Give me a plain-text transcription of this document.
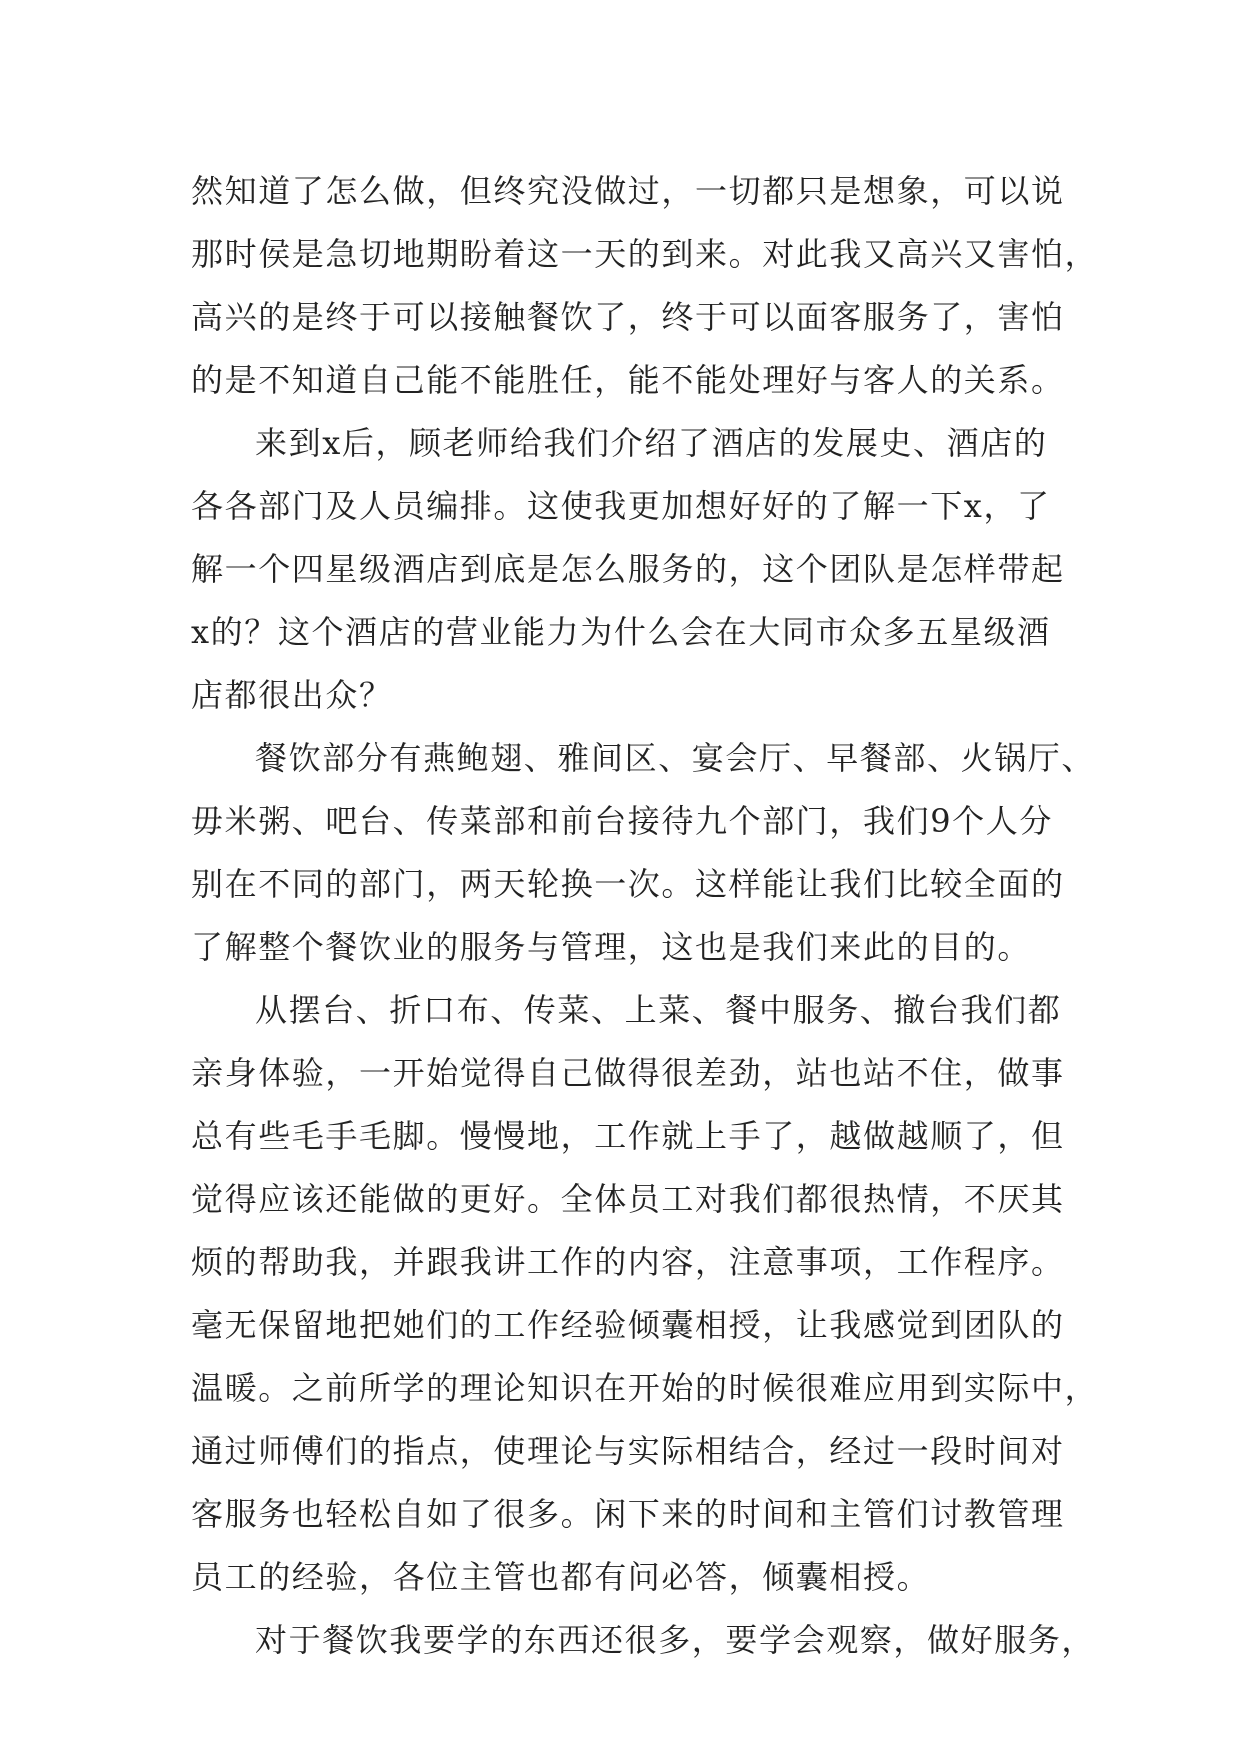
然知道了怎么做，但终究没做过，一切都只是想象，可以说
那时侯是急切地期盼着这一天的到来。对此我又高兴又害怕，
高兴的是终于可以接触餐饮了，终于可以面客服务了，害怕
的是不知道自己能不能胜任，能不能处理好与客人的关系。
来到x后，顾老师给我们介绍了酒店的发展史、酒店的
各各部门及人员编排。这使我更加想好好的了解一下x，了
解一个四星级酒店到底是怎么服务的，这个团队是怎样带起
x的？这个酒店的营业能力为什么会在大同市众多五星级酒
店都很出众？
餐饮部分有燕鲍翅、雅间区、宴会厅、早餐部、火锅厅、
毋米粥、吧台、传菜部和前台接待九个部门，我们9个人分
别在不同的部门，两天轮换一次。这样能让我们比较全面的
了解整个餐饮业的服务与管理，这也是我们来此的目的。
从摆台、折口布、传菜、上菜、餐中服务、撤台我们都
亲身体验，一开始觉得自己做得很差劲，站也站不住，做事
总有些毛手毛脚。慢慢地，工作就上手了，越做越顺了，但
觉得应该还能做的更好。全体员工对我们都很热情，不厌其
烦的帮助我，并跟我讲工作的内容，注意事项，工作程序。
毫无保留地把她们的工作经验倾囊相授，让我感觉到团队的
温暖。之前所学的理论知识在开始的时候很难应用到实际中，
通过师傅们的指点，使理论与实际相结合，经过一段时间对
客服务也轻松自如了很多。闲下来的时间和主管们讨教管理
员工的经验，各位主管也都有问必答，倾囊相授。
对于餐饮我要学的东西还很多，要学会观察，做好服务，
